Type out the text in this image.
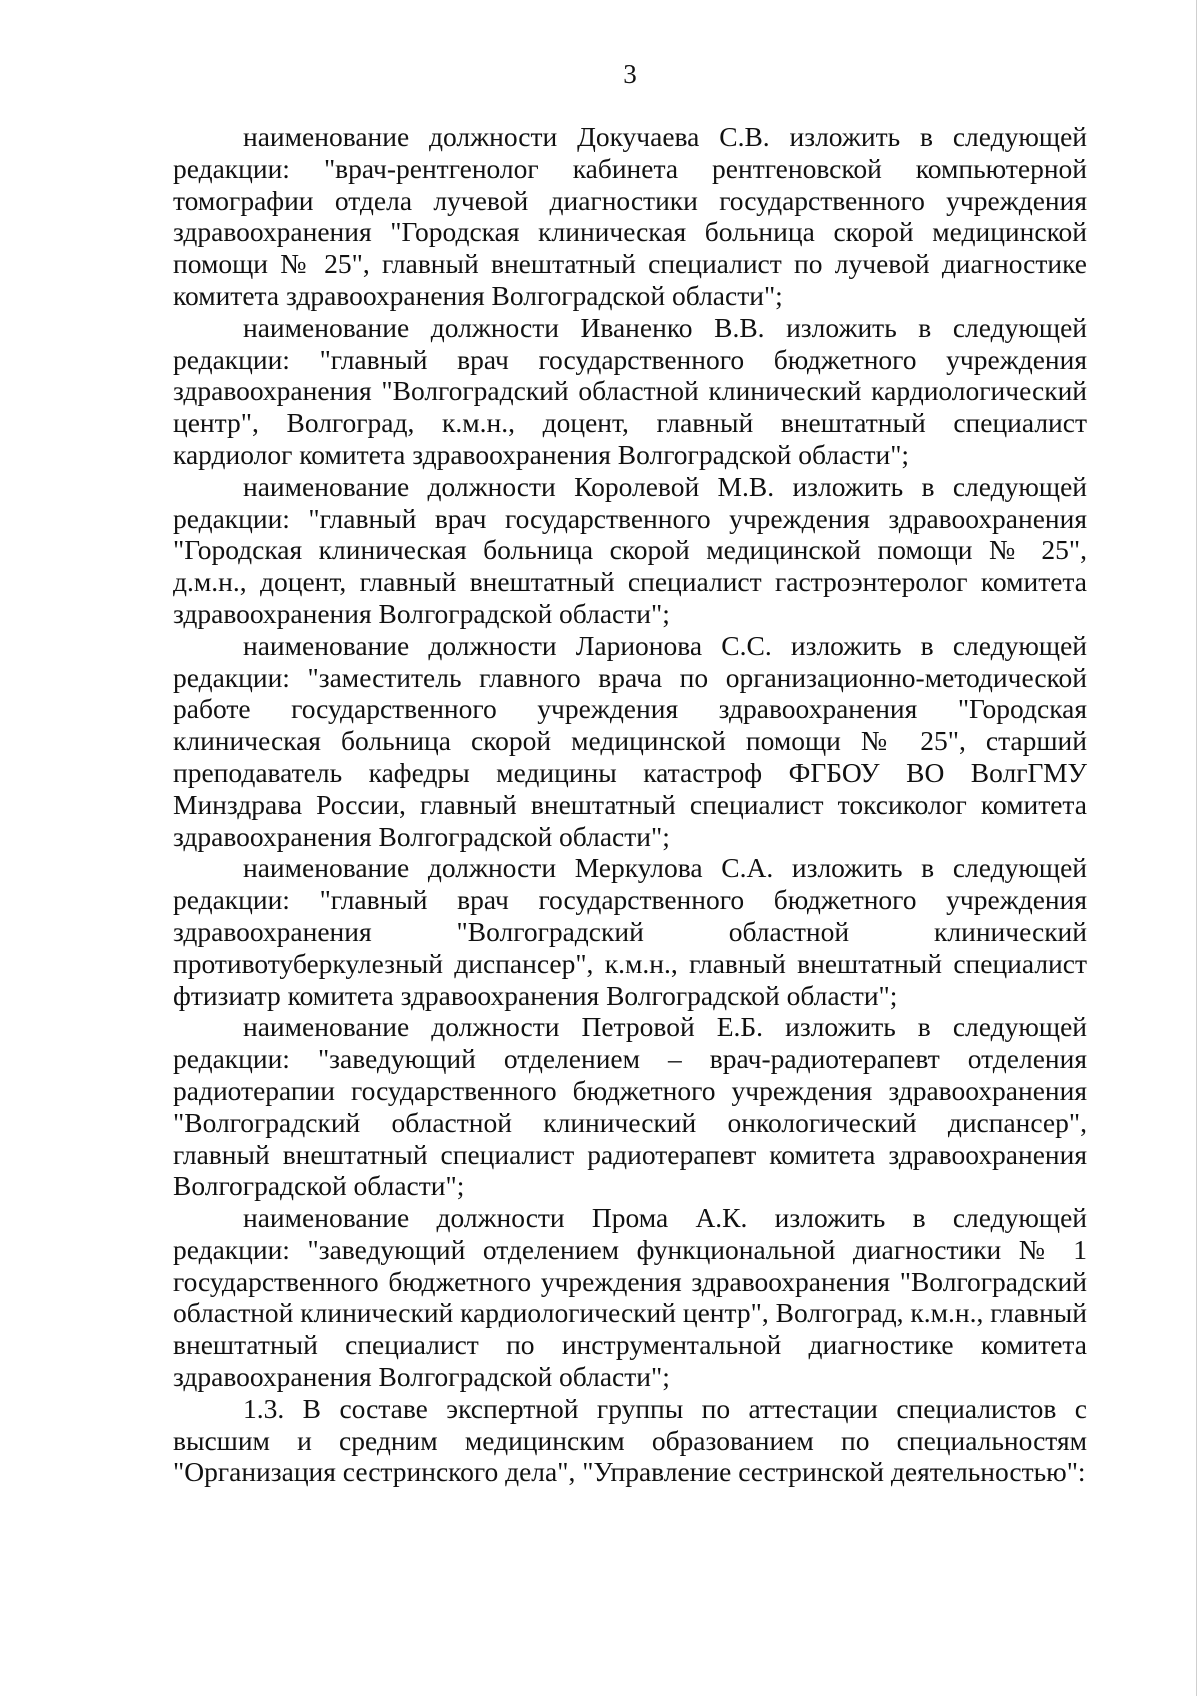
3

наименование должности Докучаева С.В. изложить в следующей редакции: "врач-рентгенолог кабинета рентгеновской компьютерной томографии отдела лучевой диагностики государственного учреждения здравоохранения "Городская клиническая больница скорой медицинской помощи № 25", главный внештатный специалист по лучевой диагностике комитета здравоохранения Волгоградской области";

наименование должности Иваненко В.В. изложить в следующей редакции: "главный врач государственного бюджетного учреждения здравоохранения "Волгоградский областной клинический кардиологический центр", Волгоград, к.м.н., доцент, главный внештатный специалист кардиолог комитета здравоохранения Волгоградской области";

наименование должности Королевой М.В. изложить в следующей редакции: "главный врач государственного учреждения здравоохранения "Городская клиническая больница скорой медицинской помощи № 25", д.м.н., доцент, главный внештатный специалист гастроэнтеролог комитета здравоохранения Волгоградской области";

наименование должности Ларионова С.С. изложить в следующей редакции: "заместитель главного врача по организационно-методической работе государственного учреждения здравоохранения "Городская клиническая больница скорой медицинской помощи № 25", старший преподаватель кафедры медицины катастроф ФГБОУ ВО ВолгГМУ Минздрава России, главный внештатный специалист токсиколог комитета здравоохранения Волгоградской области";

наименование должности Меркулова С.А. изложить в следующей редакции: "главный врач государственного бюджетного учреждения здравоохранения "Волгоградский областной клинический противотуберкулезный диспансер", к.м.н., главный внештатный специалист фтизиатр комитета здравоохранения Волгоградской области";

наименование должности Петровой Е.Б. изложить в следующей редакции: "заведующий отделением – врач-радиотерапевт отделения радиотерапии государственного бюджетного учреждения здравоохранения "Волгоградский областной клинический онкологический диспансер", главный внештатный специалист радиотерапевт комитета здравоохранения Волгоградской области";

наименование должности Прома А.К. изложить в следующей редакции: "заведующий отделением функциональной диагностики № 1 государственного бюджетного учреждения здравоохранения "Волгоградский областной клинический кардиологический центр", Волгоград, к.м.н., главный внештатный специалист по инструментальной диагностике комитета здравоохранения Волгоградской области";

1.3. В составе экспертной группы по аттестации специалистов с высшим и средним медицинским образованием по специальностям "Организация сестринского дела", "Управление сестринской деятельностью":
